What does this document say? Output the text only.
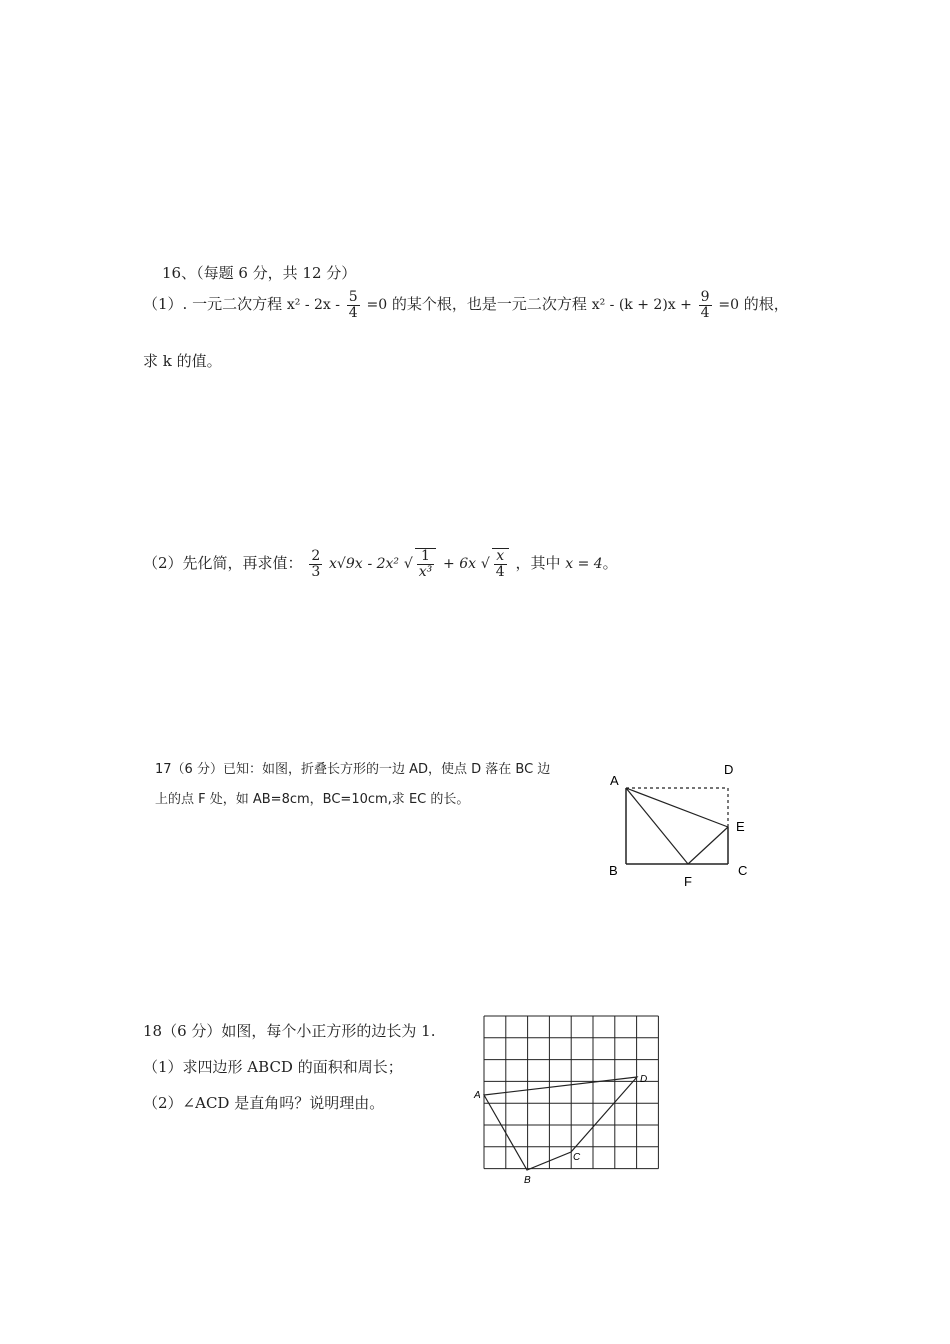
16、（每题 6 分，共 12 分）
（1）. 一元二次方程 $x^2 - 2x - \frac{5}{4} =0$ 的某个根，也是一元二次方程 $x^2 - (k + 2)x + \frac{9}{4} =0$ 的根，
求 k 的值。
（2）先化简，再求值： $\frac{2}{3} x√9x - 2x^2$ √ $\frac{1}{\text{x³}} + 6x$ √ $\frac{x}{4}$ ，其中 x = 4。
17（6 分）已知：如图，折叠长方形的一边 AD，使点 D 落在 BC 边
上的点 F 处，如 AB=8cm，BC=10cm,求 EC 的长。
A
D
E
B	C
F
18（6 分）如图，每个小正方形的边长为 1.
（1）求四边形 ABCD 的面积和周长；
（2）∠ACD 是直角吗？说明理由。	A
B
C
D
